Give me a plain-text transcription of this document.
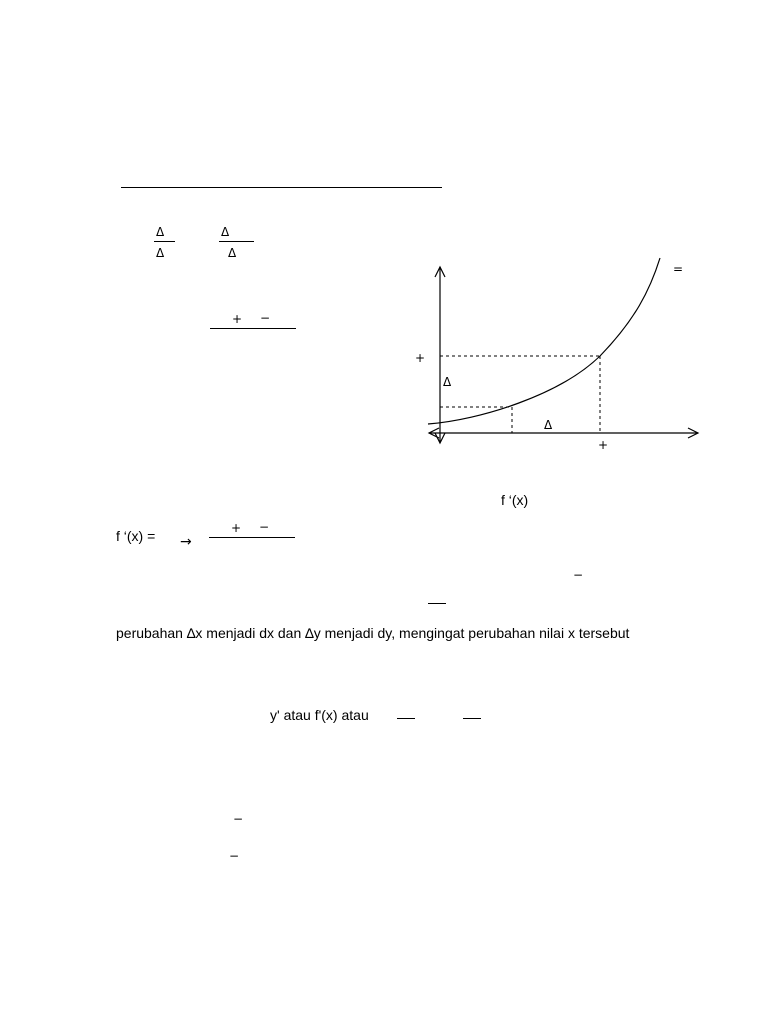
Δ
Δ
Δ
Δ
+ −
=
+
Δ
Δ
+
f ‘(x)
f ‘(x) = →
+ −
−
perubahan ∆x menjadi dx dan ∆y menjadi dy, mengingat perubahan nilai x tersebut
y' atau f'(x) atau
−
−
